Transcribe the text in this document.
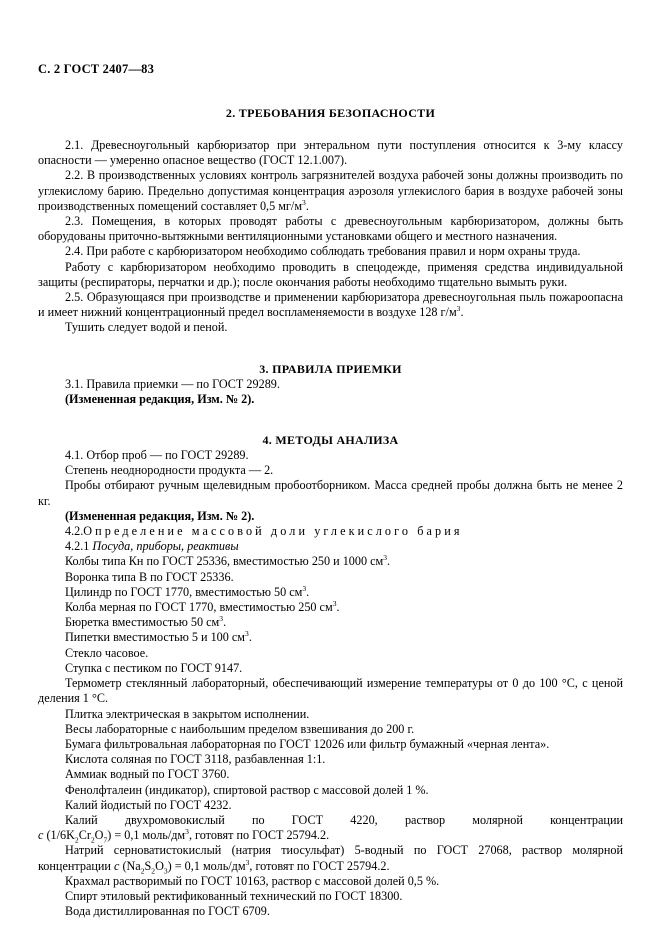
С. 2 ГОСТ 2407—83
2. ТРЕБОВАНИЯ БЕЗОПАСНОСТИ

2.1. Древесноугольный карбюризатор при энтеральном пути поступления относится к 3-му классу опасности — умеренно опасное вещество (ГОСТ 12.1.007).

2.2. В производственных условиях контроль загрязнителей воздуха рабочей зоны должны производить по углекислому барию. Предельно допустимая концентрация аэрозоля углекислого бария в воздухе рабочей зоны производственных помещений составляет 0,5 $мг/м^3$.

2.3. Помещения, в которых проводят работы с древесноугольным карбюризатором, должны быть оборудованы приточно-вытяжными вентиляционными установками общего и местного назначения.

2.4. При работе с карбюризатором необходимо соблюдать требования правил и норм охраны труда.

Работу с карбюризатором необходимо проводить в спецодежде, применяя средства индивидуальной защиты (респираторы, перчатки и др.); после окончания работы необходимо тщательно вымыть руки.

2.5. Образующаяся при производстве и применении карбюризатора древесноугольная пыль пожароопасна и имеет нижний концентрационный предел воспламеняемости в воздухе 128 $г/м^3$.

Тушить следует водой и пеной.

3. ПРАВИЛА ПРИЕМКИ

3.1. Правила приемки — по ГОСТ 29289.

(Измененная редакция, Изм. № 2).

4. МЕТОДЫ АНАЛИЗА

4.1. Отбор проб — по ГОСТ 29289.

Степень неоднородности продукта — 2.

Пробы отбирают ручным щелевидным пробоотборником. Масса средней пробы должна быть не менее 2 кг.

(Измененная редакция, Изм. № 2).

4.2.Определение массовой доли углекислого бария

4.2.1 Посуда, приборы, реактивы

Колбы типа Кн по ГОСТ 25336, вместимостью 250 и 1000 $см^3$.

Воронка типа В по ГОСТ 25336.

Цилиндр по ГОСТ 1770, вместимостью 50 $см^3$.

Колба мерная по ГОСТ 1770, вместимостью 250 $см^3$.

Бюретка вместимостью 50 $см^3$.

Пипетки вместимостью 5 и 100 $см^3$.

Стекло часовое.

Ступка с пестиком по ГОСТ 9147.

Термометр стеклянный лабораторный, обеспечивающий измерение температуры от 0 до 100 °C, с ценой деления 1 °C.

Плитка электрическая в закрытом исполнении.

Весы лабораторные с наибольшим пределом взвешивания до 200 г.

Бумага фильтровальная лабораторная по ГОСТ 12026 или фильтр бумажный «черная лента».

Кислота соляная по ГОСТ 3118, разбавленная 1:1.

Аммиак водный по ГОСТ 3760.

Фенолфталеин (индикатор), спиртовой раствор с массовой долей 1 %.

Калий йодистый по ГОСТ 4232.

Калий двухромовокислый по ГОСТ 4220, раствор молярной концентрации

c $(1/6K_2Cr_2O_7) = 0,1$ моль/$дм^3$, готовят по ГОСТ 25794.2.

Натрий серноватистокислый (натрия тиосульфат) 5-водный по ГОСТ 27068, раствор молярной концентрации c $(Na_2S_2O_3) = 0,1$ моль/$дм^3$, готовят по ГОСТ 25794.2.

Крахмал растворимый по ГОСТ 10163, раствор с массовой долей 0,5 %.

Спирт этиловый ректификованный технический по ГОСТ 18300.

Вода дистиллированная по ГОСТ 6709.
